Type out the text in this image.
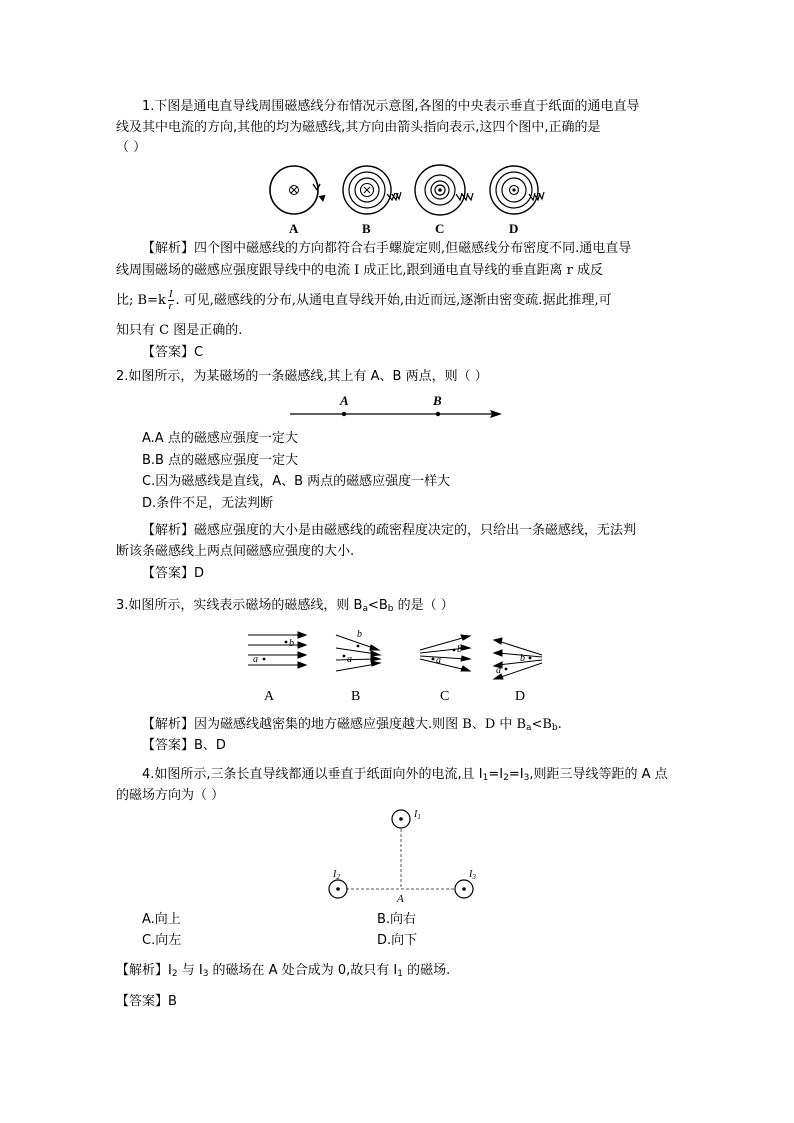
1.下图是通电直导线周围磁感线分布情况示意图,各图的中央表示垂直于纸面的通电直导
线及其中电流的方向,其他的均为磁感线,其方向由箭头指向表示,这四个图中,正确的是
（ ）
A	B	C	D
【解析】四个图中磁感线的方向都符合右手螺旋定则,但磁感线分布密度不同.通电直导
线周围磁场的磁感应强度跟导线中的电流 I 成正比,跟到通电直导线的垂直距离 r 成反
比; $B=k \frac{I}{r}$ . 可见,磁感线的分布,从通电直导线开始,由近而远,逐渐由密变疏.据此推理,可
知只有 C 图是正确的.
【答案】C
2.如图所示，为某磁场的一条磁感线,其上有 A、B 两点，则（ ）
A	B
A.A 点的磁感应强度一定大
B.B 点的磁感应强度一定大
C.因为磁感线是直线，A、B 两点的磁感应强度一样大
D.条件不足，无法判断
【解析】磁感应强度的大小是由磁感线的疏密程度决定的，只给出一条磁感线，无法判
断该条磁感线上两点间磁感应强度的大小.
【答案】D
3.如图所示，实线表示磁场的磁感线，则 $B_a<B_b$ 的是（ ）
b
a
b
a
b
a	b
a
A	B	C	D
【解析】因为磁感线越密集的地方磁感应强度越大.则图 B、D 中 $B_a<B_b$.
【答案】B、D
4.如图所示,三条长直导线都通以垂直于纸面向外的电流,且 $I_1=I_2=I_3$,则距三导线等距的 A 点
的磁场方向为（ ）
$I_1$
$I_2$	$I_3$
A
A.向上	B.向右
C.向左	D.向下
【解析】$I_2$ 与 $I_3$ 的磁场在 A 处合成为 0,故只有 $I_1$ 的磁场.
【答案】B
